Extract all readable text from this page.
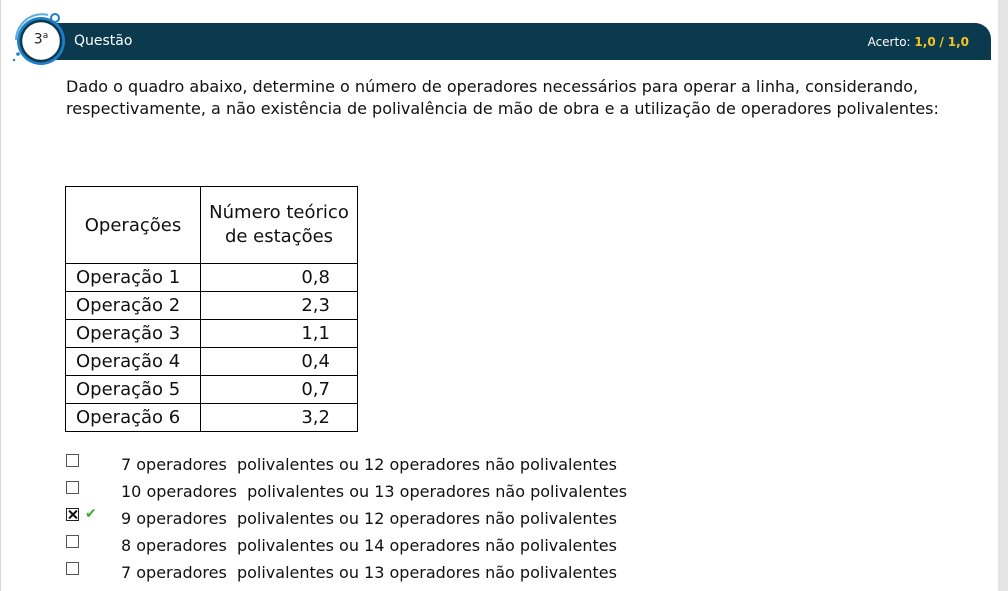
Questão	Acerto: 1,0 / 1,0
3$^a$

Dado o quadro abaixo, determine o número de operadores necessários para operar a linha, considerando, respectivamente, a não existência de polivalência de mão de obra e a utilização de operadores polivalentes:

Operações	Número teórico de estações
Operação 1	0,8
Operação 2	2,3
Operação 3	1,1
Operação 4	0,4
Operação 5	0,7
Operação 6	3,2
7 operadores  polivalentes ou 12 operadores não polivalentes
10 operadores  polivalentes ou 13 operadores não polivalentes
✔ 9 operadores  polivalentes ou 12 operadores não polivalentes
8 operadores  polivalentes ou 14 operadores não polivalentes
7 operadores  polivalentes ou 13 operadores não polivalentes
